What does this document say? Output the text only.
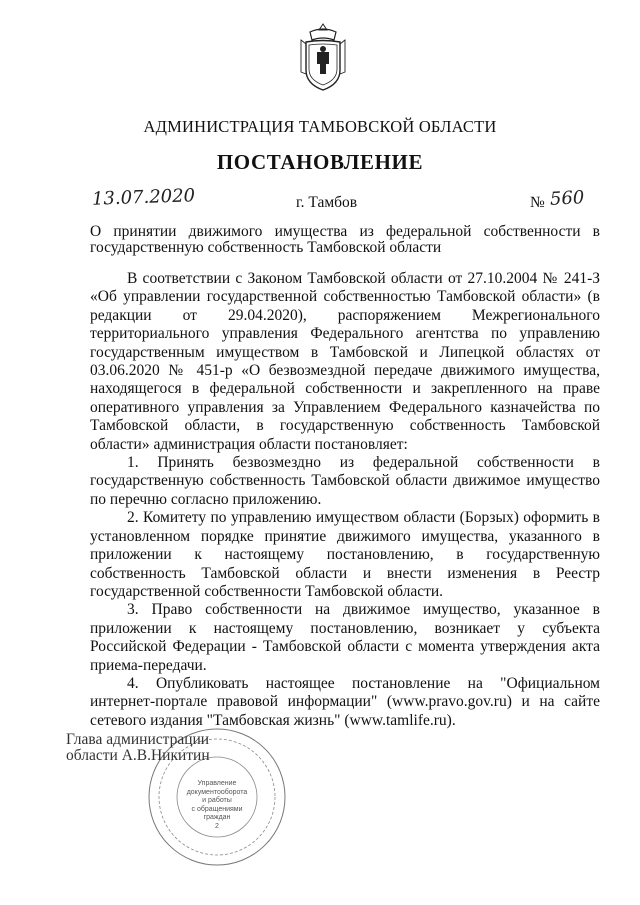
АДМИНИСТРАЦИЯ ТАМБОВСКОЙ ОБЛАСТИ
ПОСТАНОВЛЕНИЕ
13.07.2020	г. Тамбов	№ 560
О принятии движимого имущества из федеральной собственности в государственную собственность Тамбовской области

В соответствии с Законом Тамбовской области от 27.10.2004 № 241-З «Об управлении государственной собственностью Тамбовской области» (в редакции от 29.04.2020), распоряжением Межрегионального территориального управления Федерального агентства по управлению государственным имуществом в Тамбовской и Липецкой областях от 03.06.2020 № 451-р «О безвозмездной передаче движимого имущества, находящегося в федеральной собственности и закрепленного на праве оперативного управления за Управлением Федерального казначейства по Тамбовской области, в государственную собственность Тамбовской области» администрация области постановляет:

1. Принять безвозмездно из федеральной собственности в государственную собственность Тамбовской области движимое имущество по перечню согласно приложению.

2. Комитету по управлению имуществом области (Борзых) оформить в установленном порядке принятие движимого имущества, указанного в приложении к настоящему постановлению, в государственную собственность Тамбовской области и внести изменения в Реестр государственной собственности Тамбовской области.

3. Право собственности на движимое имущество, указанное в приложении к настоящему постановлению, возникает у субъекта Российской Федерации - Тамбовской области с момента утверждения акта приема-передачи.

4. Опубликовать настоящее постановление на "Официальном интернет-портале правовой информации" (www.pravo.gov.ru) и на сайте сетевого издания "Тамбовская жизнь" (www.tamlife.ru).

Глава администрации
области А.В.Никитин
Управление
документооборота
и работы
с обращениями
граждан
2
